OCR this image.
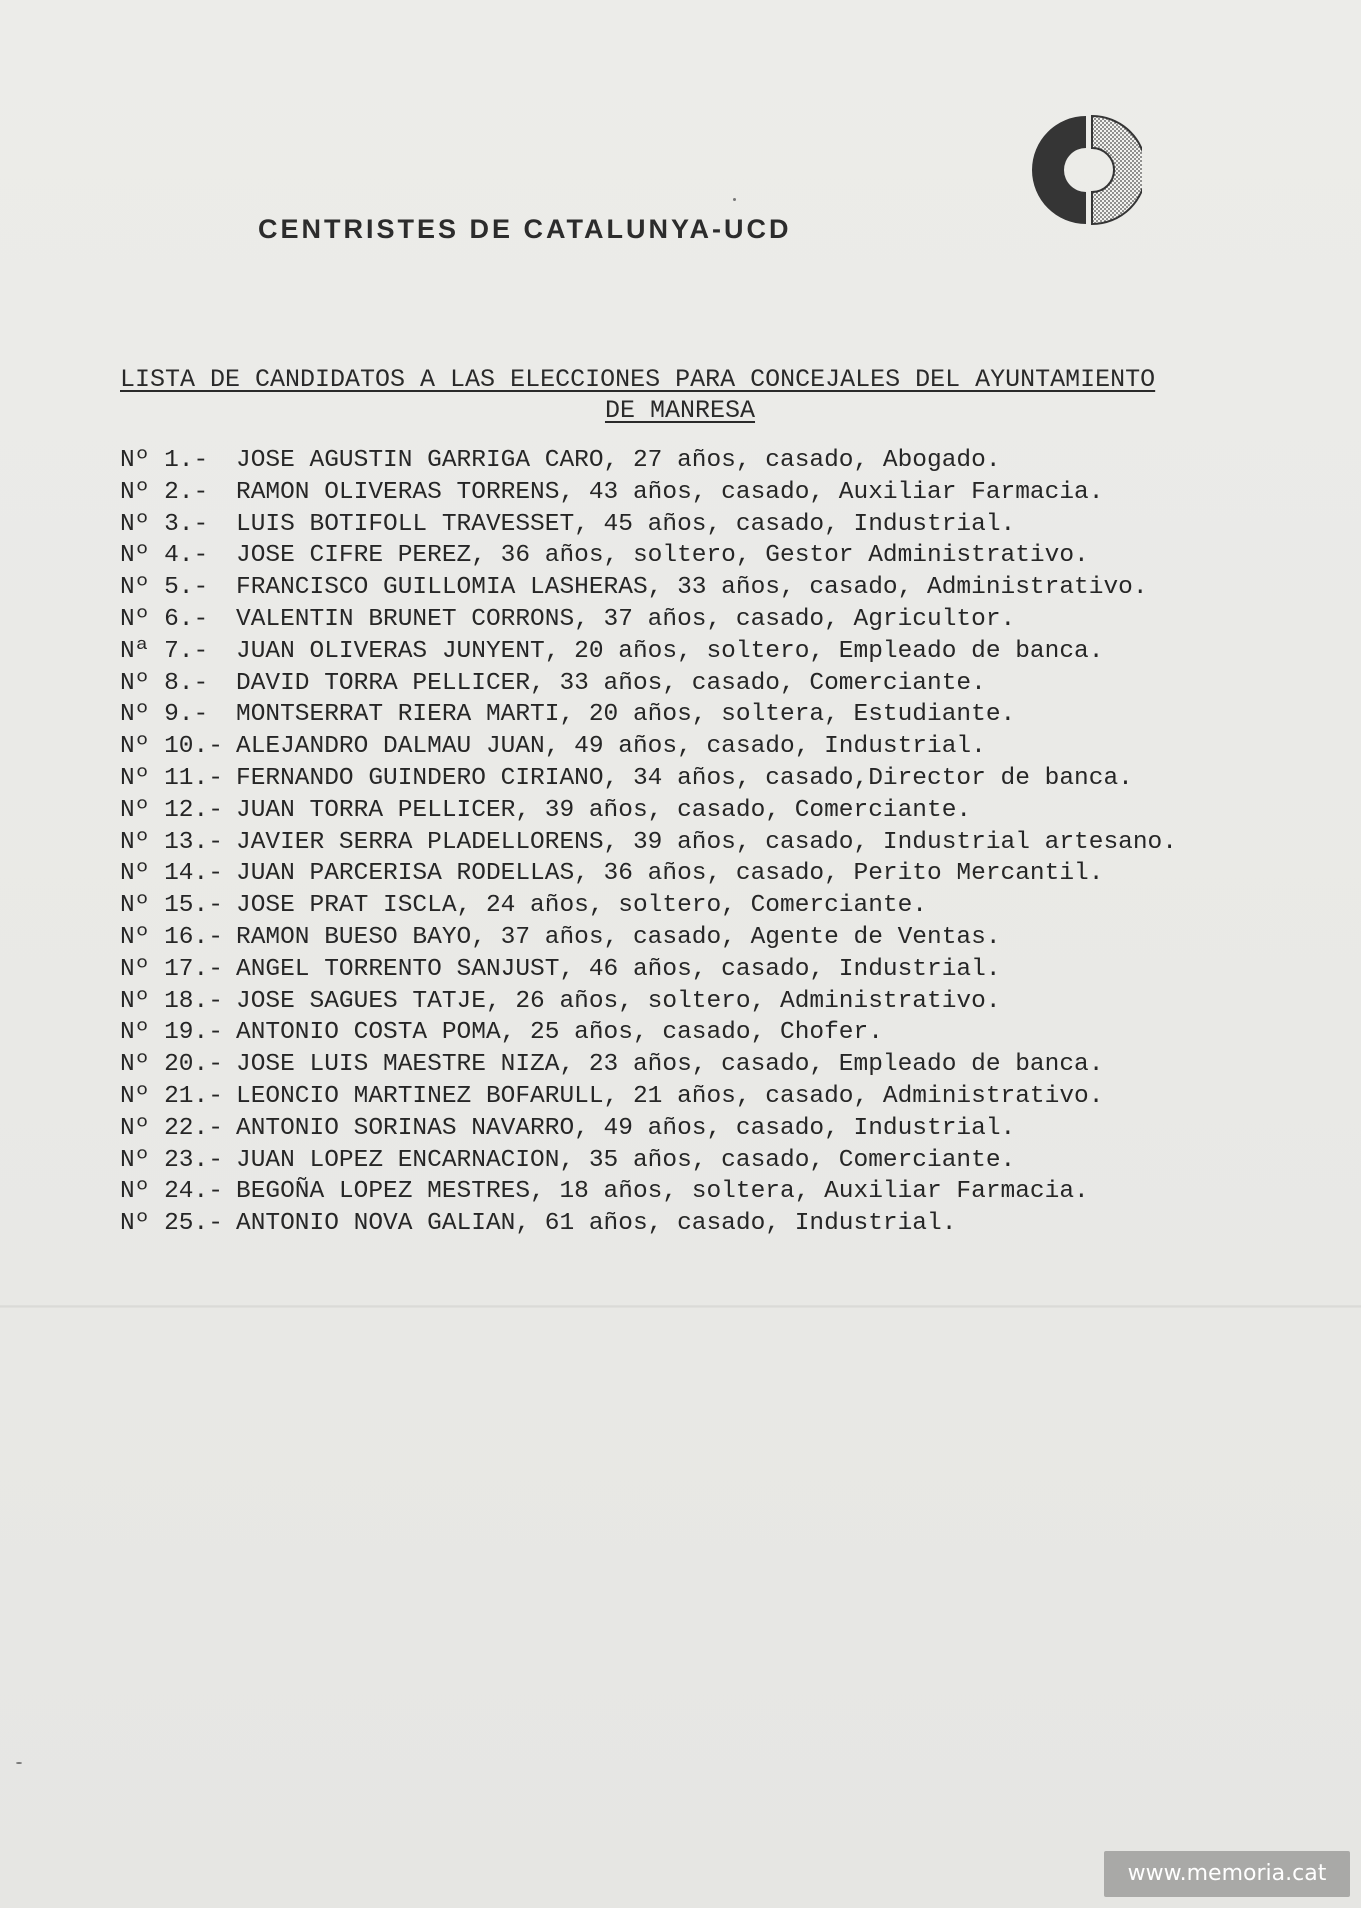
CENTRISTES DE CATALUNYA-UCD
LISTA DE CANDIDATOS A LAS ELECCIONES PARA CONCEJALES DEL AYUNTAMIENTO
DE MANRESA
Nº 1.- JOSE AGUSTIN GARRIGA CARO, 27 años, casado, Abogado.
Nº 2.- RAMON OLIVERAS TORRENS, 43 años, casado, Auxiliar Farmacia.
Nº 3.- LUIS BOTIFOLL TRAVESSET, 45 años, casado, Industrial.
Nº 4.- JOSE CIFRE PEREZ, 36 años, soltero, Gestor Administrativo.
Nº 5.- FRANCISCO GUILLOMIA LASHERAS, 33 años, casado, Administrativo.
Nº 6.- VALENTIN BRUNET CORRONS, 37 años, casado, Agricultor.
Nª 7.- JUAN OLIVERAS JUNYENT, 20 años, soltero, Empleado de banca.
Nº 8.- DAVID TORRA PELLICER, 33 años, casado, Comerciante.
Nº 9.- MONTSERRAT RIERA MARTI, 20 años, soltera, Estudiante.
Nº 10.- ALEJANDRO DALMAU JUAN, 49 años, casado, Industrial.
Nº 11.- FERNANDO GUINDERO CIRIANO, 34 años, casado,Director de banca.
Nº 12.- JUAN TORRA PELLICER, 39 años, casado, Comerciante.
Nº 13.- JAVIER SERRA PLADELLORENS, 39 años, casado, Industrial artesano.
Nº 14.- JUAN PARCERISA RODELLAS, 36 años, casado, Perito Mercantil.
Nº 15.- JOSE PRAT ISCLA, 24 años, soltero, Comerciante.
Nº 16.- RAMON BUESO BAYO, 37 años, casado, Agente de Ventas.
Nº 17.- ANGEL TORRENTO SANJUST, 46 años, casado, Industrial.
Nº 18.- JOSE SAGUES TATJE, 26 años, soltero, Administrativo.
Nº 19.- ANTONIO COSTA POMA, 25 años, casado, Chofer.
Nº 20.- JOSE LUIS MAESTRE NIZA, 23 años, casado, Empleado de banca.
Nº 21.- LEONCIO MARTINEZ BOFARULL, 21 años, casado, Administrativo.
Nº 22.- ANTONIO SORINAS NAVARRO, 49 años, casado, Industrial.
Nº 23.- JUAN LOPEZ ENCARNACION, 35 años, casado, Comerciante.
Nº 24.- BEGOÑA LOPEZ MESTRES, 18 años, soltera, Auxiliar Farmacia.
Nº 25.- ANTONIO NOVA GALIAN, 61 años, casado, Industrial.
www.memoria.cat
